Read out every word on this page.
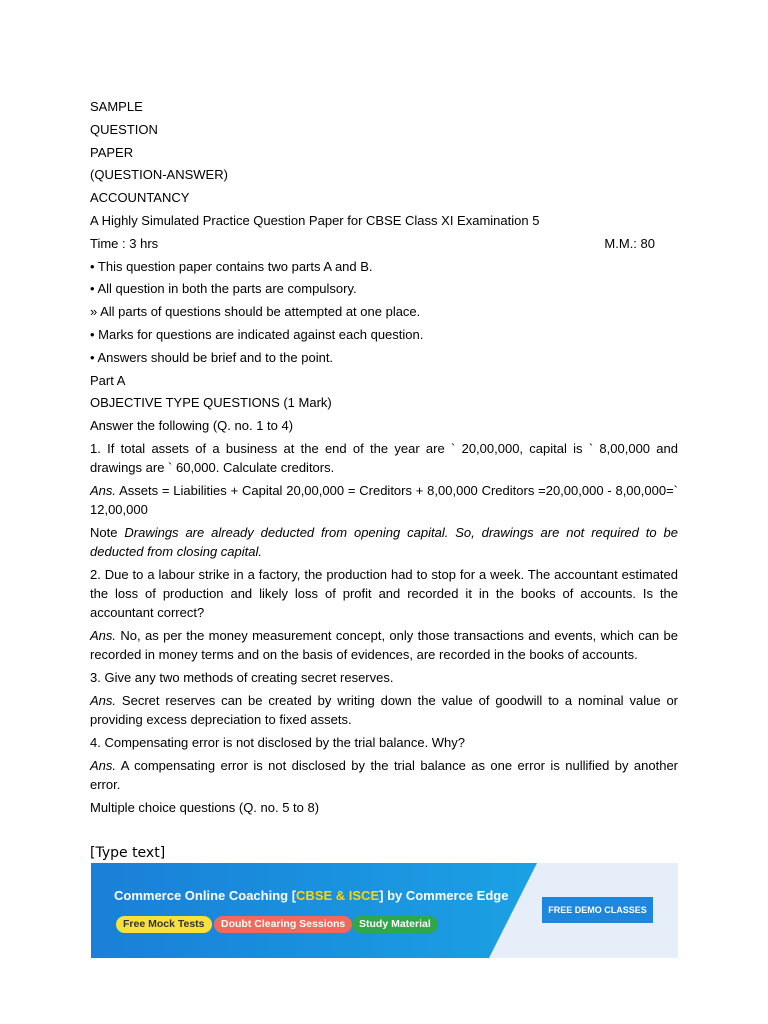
SAMPLE

QUESTION

PAPER

(QUESTION-ANSWER)

ACCOUNTANCY

A Highly Simulated Practice Question Paper for CBSE Class XI Examination 5

Time : 3 hrs	M.M.: 80

• This question paper contains two parts A and B.

• All question in both the parts are compulsory.

» All parts of questions should be attempted at one place.

• Marks for questions are indicated against each question.

• Answers should be brief and to the point.

Part A

OBJECTIVE TYPE QUESTIONS (1 Mark)

Answer the following (Q. no. 1 to 4)

1. If total assets of a business at the end of the year are ` 20,00,000, capital is ` 8,00,000 and drawings are ` 60,000. Calculate creditors.

Ans. Assets = Liabilities + Capital 20,00,000 = Creditors + 8,00,000 Creditors =20,00,000 - 8,00,000=` 12,00,000

Note Drawings are already deducted from opening capital. So, drawings are not required to be deducted from closing capital.

2. Due to a labour strike in a factory, the production had to stop for a week. The accountant estimated the loss of production and likely loss of profit and recorded it in the books of accounts. Is the accountant correct?

Ans. No, as per the money measurement concept, only those transactions and events, which can be recorded in money terms and on the basis of evidences, are recorded in the books of accounts.

3. Give any two methods of creating secret reserves.

Ans. Secret reserves can be created by writing down the value of goodwill to a nominal value or providing excess depreciation to fixed assets.

4. Compensating error is not disclosed by the trial balance. Why?

Ans. A compensating error is not disclosed by the trial balance as one error is nullified by another error.

Multiple choice questions (Q. no. 5 to 8)

[Type text]
Commerce Online Coaching [CBSE & ISCE] by Commerce Edge
Free Mock Tests	Doubt Clearing Sessions	Study Material
FREE DEMO CLASSES
